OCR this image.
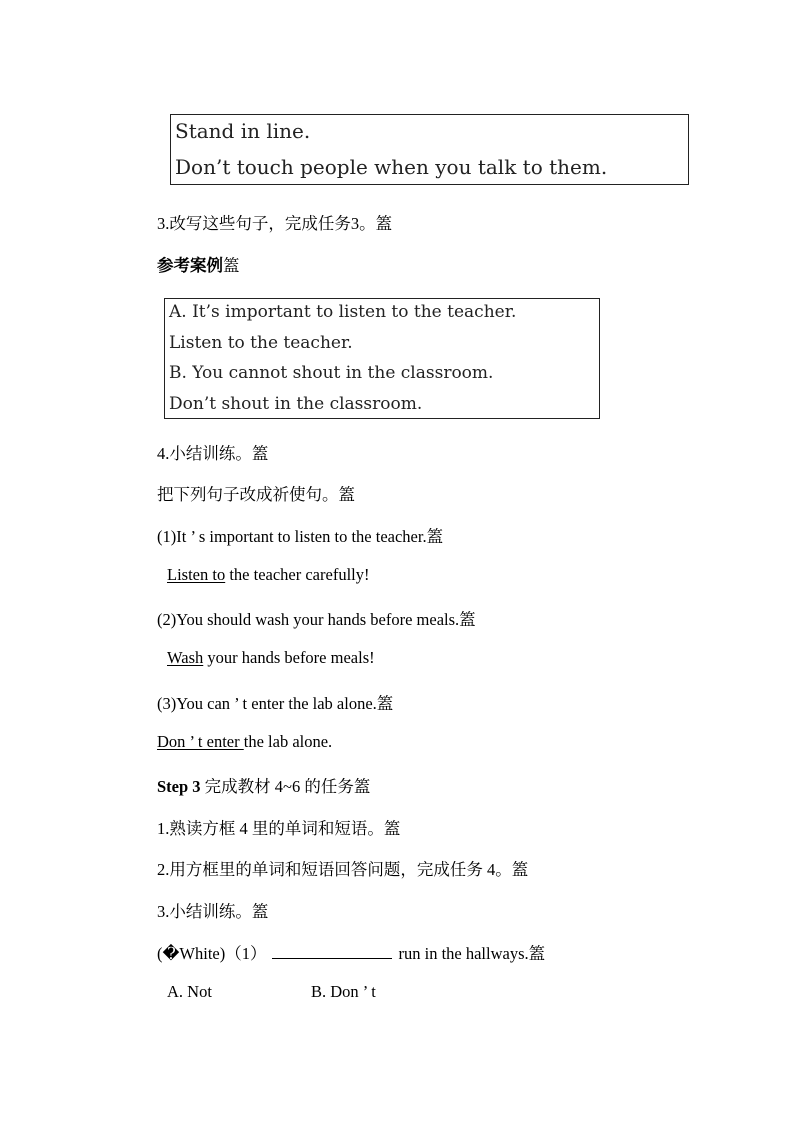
Stand in line.
Don’t touch people when you talk to them.
3.改写这些句子，完成任务3。篕
参考案例篕
A. It’s important to listen to the teacher.
Listen to the teacher.
B. You cannot shout in the classroom.
Don’t shout in the classroom.
4.小结训练。篕
把下列句子改成祈使句。篕
(1)It ’ s important to listen to the teacher.篕
Listen to the teacher carefully!
(2)You should wash your hands before meals.篕
Wash your hands before meals!
(3)You can ’ t enter the lab alone.篕
Don ’ t enter the lab alone.
Step 3 完成教材 4~6 的任务篕
1.熟读方框 4 里的单词和短语。篕
2.用方框里的单词和短语回答问题，完成任务 4。篕
3.小结训练。篕
(�White)（1）	run in the hallways.篕
A. Not	B. Don ’ t
